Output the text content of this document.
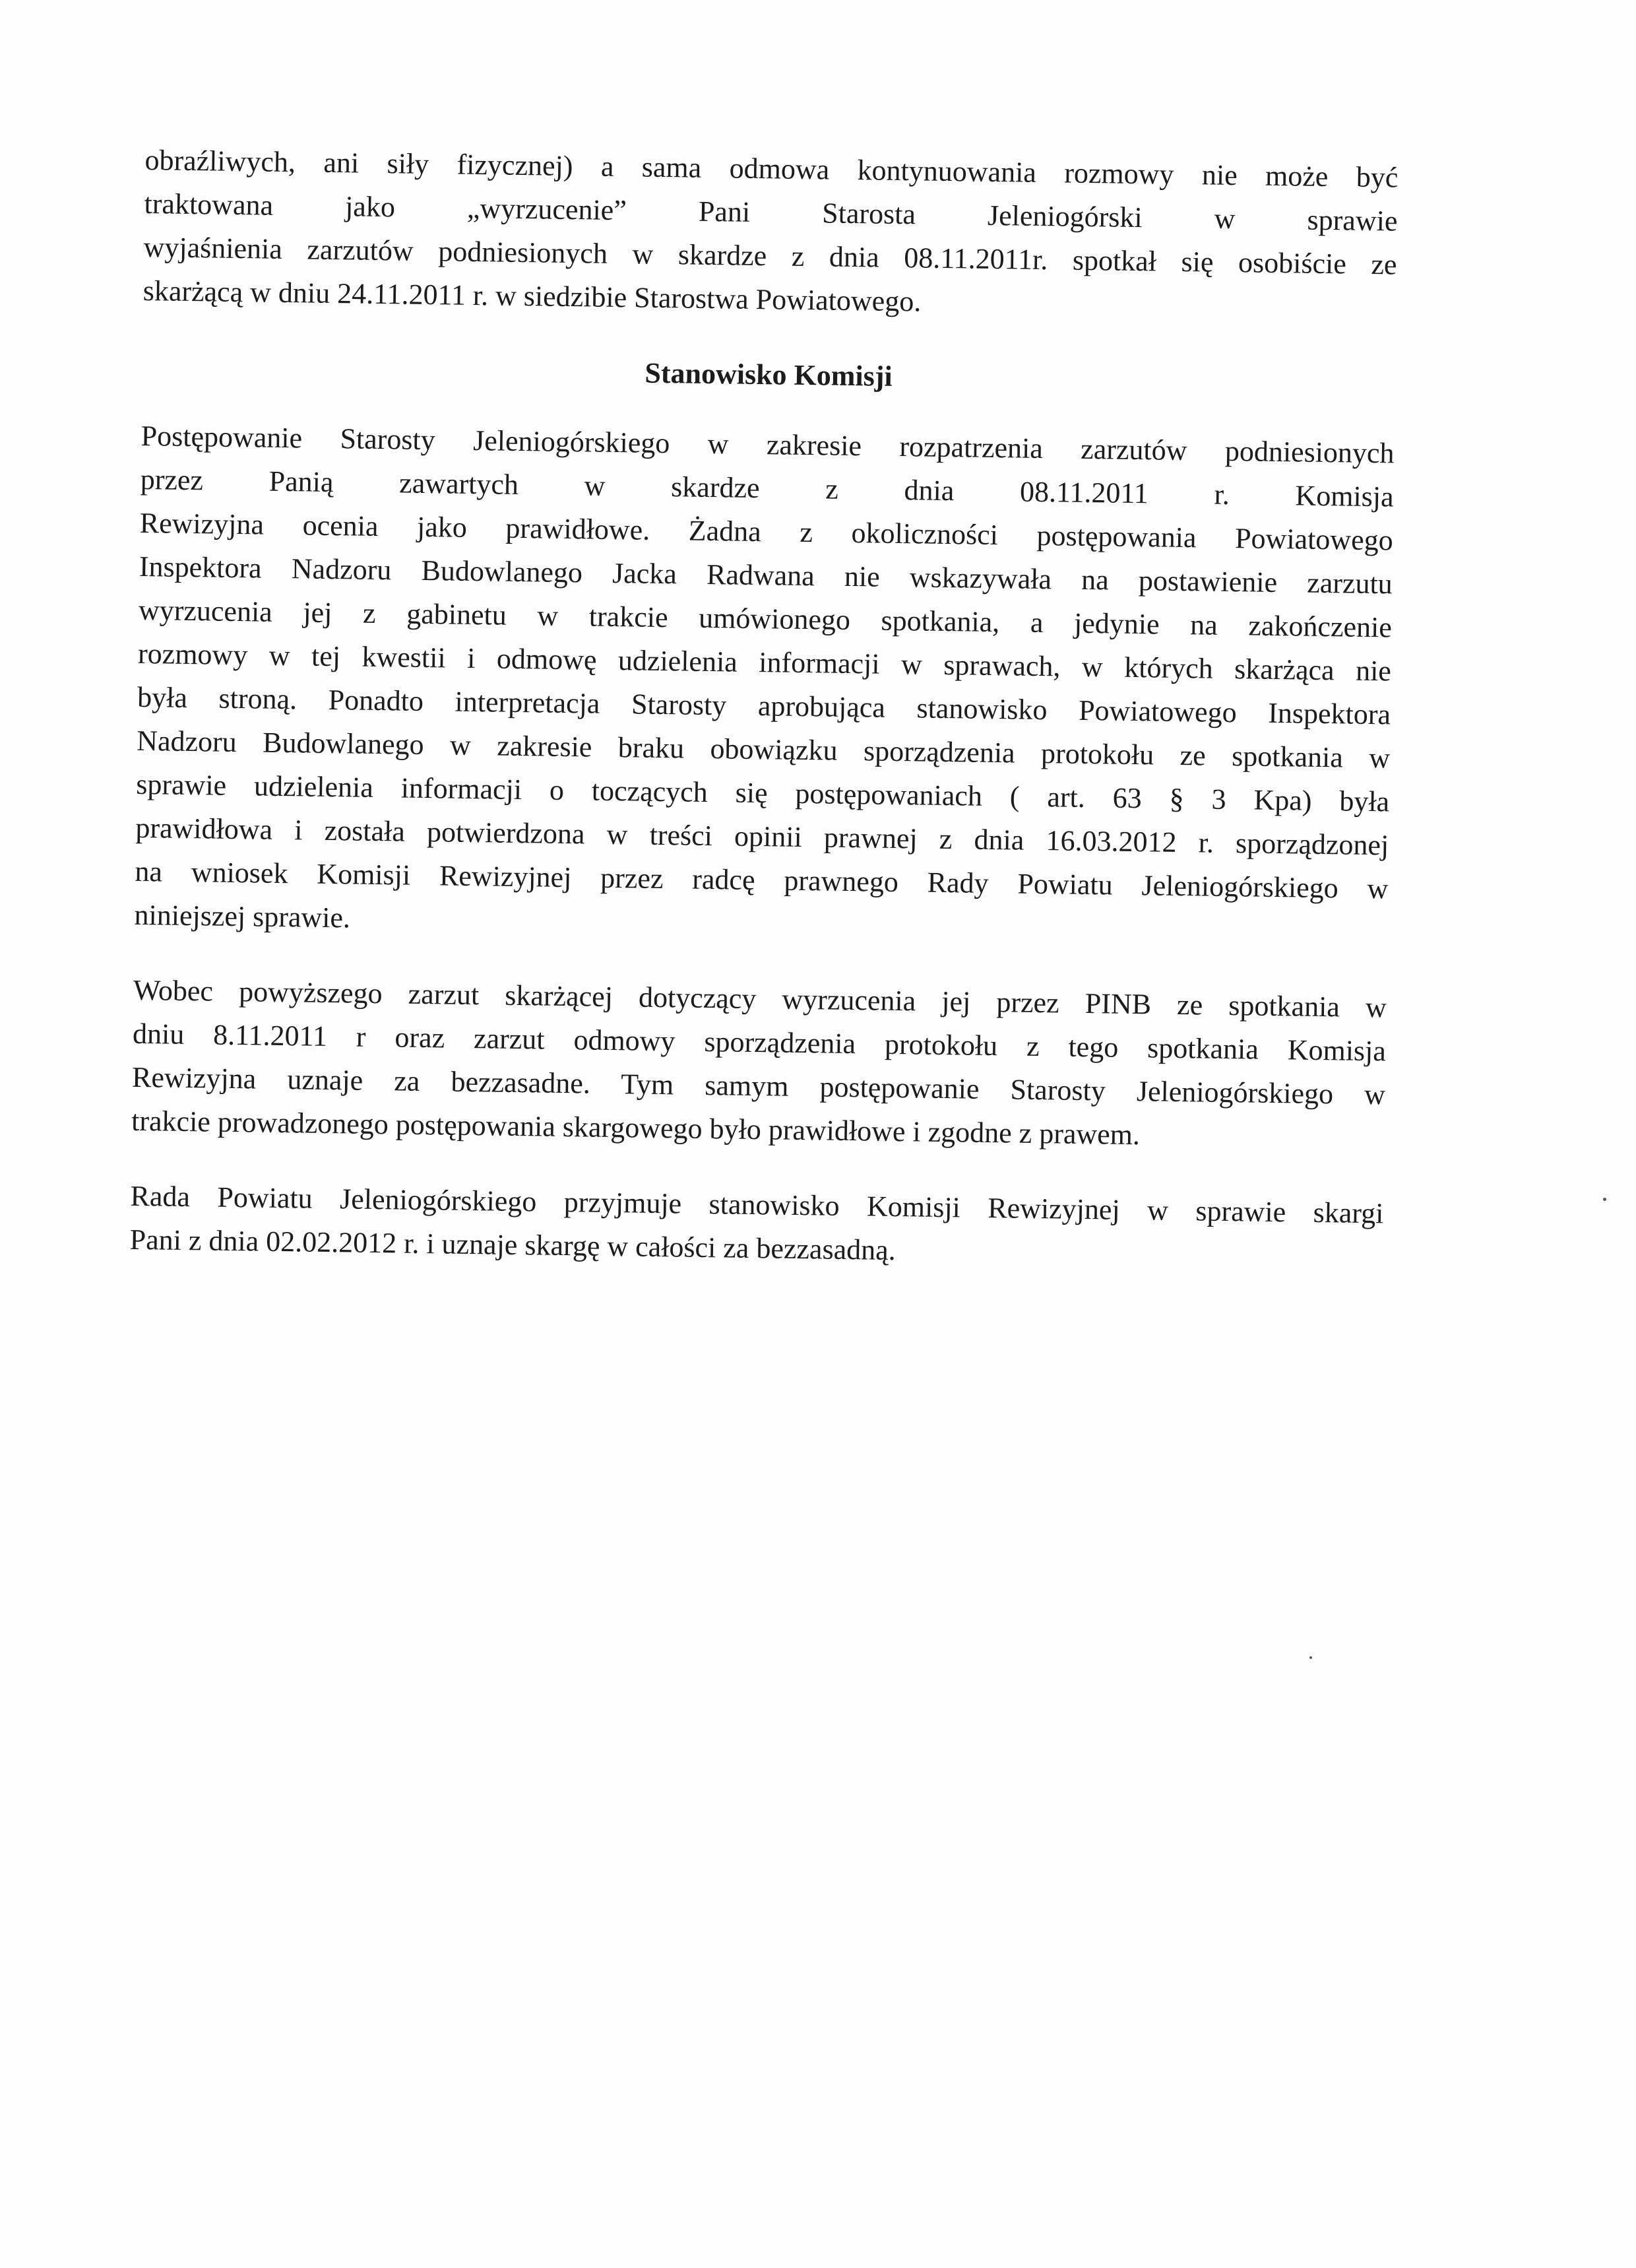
obraźliwych, ani siły fizycznej) a sama odmowa kontynuowania rozmowy nie może być
traktowana jako „wyrzucenie” Pani Starosta Jeleniogórski w sprawie
wyjaśnienia zarzutów podniesionych w skardze z dnia 08.11.2011r. spotkał się osobiście ze
skarżącą w dniu 24.11.2011 r. w siedzibie Starostwa Powiatowego.

Stanowisko Komisji

Postępowanie Starosty Jeleniogórskiego w zakresie rozpatrzenia zarzutów podniesionych
przez Panią zawartych w skardze z dnia 08.11.2011 r. Komisja
Rewizyjna ocenia jako prawidłowe. Żadna z okoliczności postępowania Powiatowego
Inspektora Nadzoru Budowlanego Jacka Radwana nie wskazywała na postawienie zarzutu
wyrzucenia jej z gabinetu w trakcie umówionego spotkania, a jedynie na zakończenie
rozmowy w tej kwestii i odmowę udzielenia informacji w sprawach, w których skarżąca nie
była stroną. Ponadto interpretacja Starosty aprobująca stanowisko Powiatowego Inspektora
Nadzoru Budowlanego w zakresie braku obowiązku sporządzenia protokołu ze spotkania w
sprawie udzielenia informacji o toczących się postępowaniach ( art. 63 § 3 Kpa) była
prawidłowa i została potwierdzona w treści opinii prawnej z dnia 16.03.2012 r. sporządzonej
na wniosek Komisji Rewizyjnej przez radcę prawnego Rady Powiatu Jeleniogórskiego w
niniejszej sprawie.
Wobec powyższego zarzut skarżącej dotyczący wyrzucenia jej przez PINB ze spotkania w
dniu 8.11.2011 r oraz zarzut odmowy sporządzenia protokołu z tego spotkania Komisja
Rewizyjna uznaje za bezzasadne. Tym samym postępowanie Starosty Jeleniogórskiego w
trakcie prowadzonego postępowania skargowego było prawidłowe i zgodne z prawem.
Rada Powiatu Jeleniogórskiego przyjmuje stanowisko Komisji Rewizyjnej w sprawie skargi
Pani z dnia 02.02.2012 r. i uznaje skargę w całości za bezzasadną.
